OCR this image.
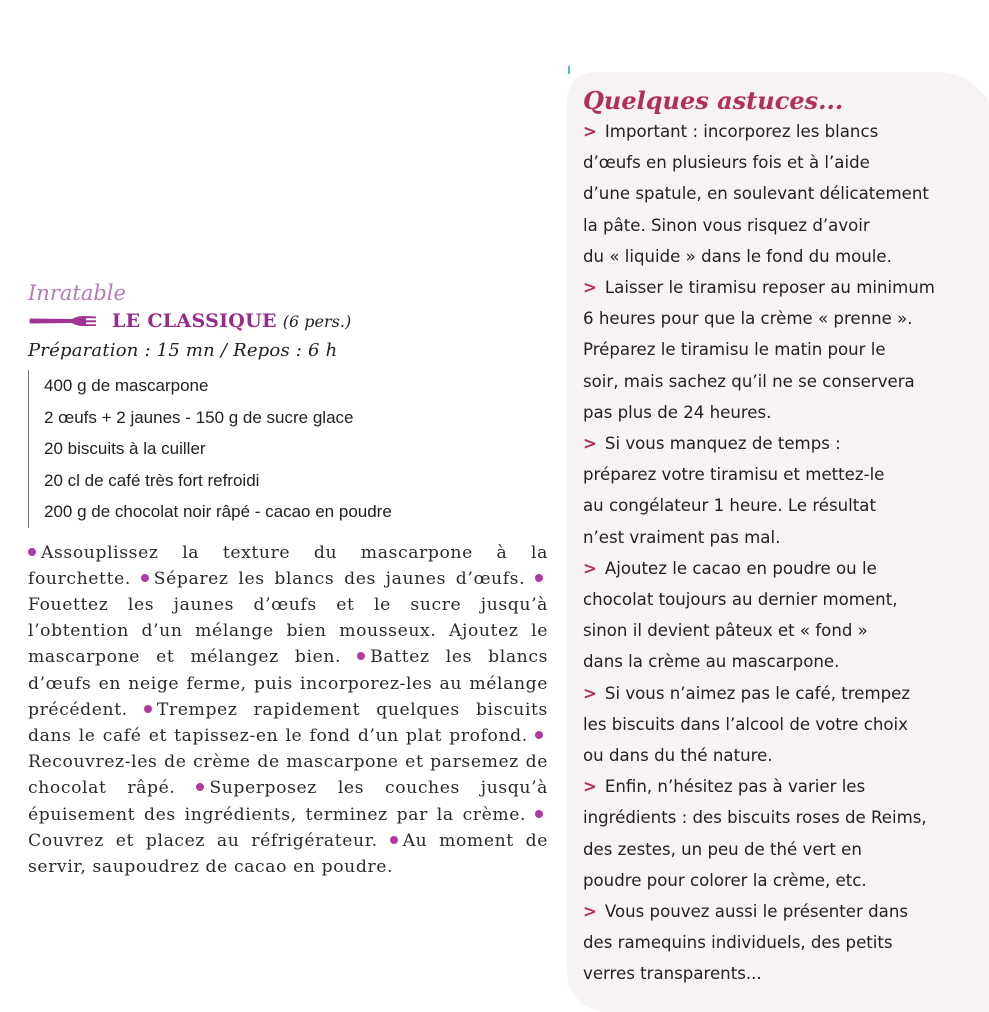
Inratable

LE CLASSIQUE (6 pers.)
Préparation : 15 mn / Repos : 6 h
400 g de mascarpone
2 œufs + 2 jaunes - 150 g de sucre glace
20 biscuits à la cuiller
20 cl de café très fort refroidi
200 g de chocolat noir râpé - cacao en poudre
Assouplissez la texture du mascarpone à la fourchette. Séparez les blancs des jaunes d’œufs. Fouettez les jaunes d’œufs et le sucre jusqu’à l’obtention d’un mélange bien mousseux. Ajoutez le mascarpone et mélangez bien. Battez les blancs d’œufs en neige ferme, puis incorporez-les au mélange précédent. Trempez rapidement quelques biscuits dans le café et tapissez-en le fond d’un plat profond. Recouvrez-les de crème de mascarpone et parsemez de chocolat râpé. Superposez les couches jusqu’à épuisement des ingrédients, terminez par la crème. Couvrez et placez au réfrigérateur. Au moment de servir, saupoudrez de cacao en poudre.
Quelques astuces...
> Important : incorporez les blancs
d’œufs en plusieurs fois et à l’aide
d’une spatule, en soulevant délicatement
la pâte. Sinon vous risquez d’avoir
du « liquide » dans le fond du moule.
> Laisser le tiramisu reposer au minimum
6 heures pour que la crème « prenne ».
Préparez le tiramisu le matin pour le
soir, mais sachez qu’il ne se conservera
pas plus de 24 heures.
> Si vous manquez de temps :
préparez votre tiramisu et mettez-le
au congélateur 1 heure. Le résultat
n’est vraiment pas mal.
> Ajoutez le cacao en poudre ou le
chocolat toujours au dernier moment,
sinon il devient pâteux et « fond »
dans la crème au mascarpone.
> Si vous n’aimez pas le café, trempez
les biscuits dans l’alcool de votre choix
ou dans du thé nature.
> Enfin, n’hésitez pas à varier les
ingrédients : des biscuits roses de Reims,
des zestes, un peu de thé vert en
poudre pour colorer la crème, etc.
> Vous pouvez aussi le présenter dans
des ramequins individuels, des petits
verres transparents...
